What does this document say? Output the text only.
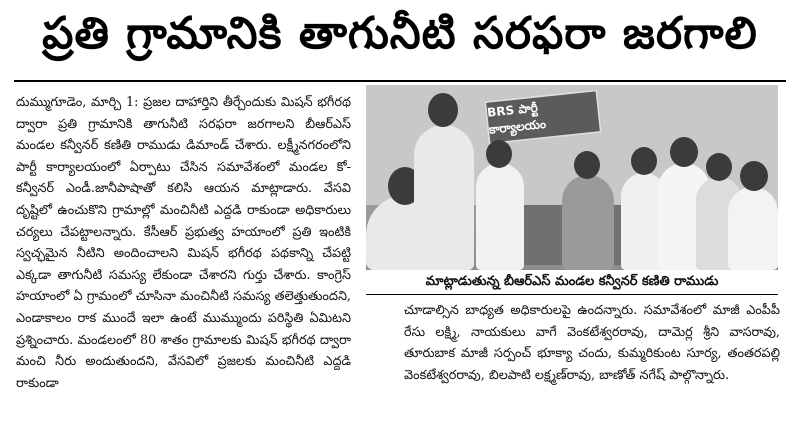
ప్రతి గ్రామానికి తాగునీటి సరఫరా జరగాలి

దుమ్ముగూడెం, మార్చి 1: ప్రజల దాహార్తిని తీర్చేందుకు మిషన్ భగీరథ ద్వారా ప్రతి గ్రామానికి తాగునీటి సరఫరా జరగాలని బీఆర్ఎస్ మండల కన్వీనర్ కణితి రాముడు డిమాండ్ చేశారు. లక్ష్మీనగరంలోని పార్టీ కార్యాలయంలో ఏర్పాటు చేసిన సమావేశంలో మండల కో-కన్వీనర్ ఎండీ.జానీపాషాతో కలిసి ఆయన మాట్లాడారు. వేసవి దృష్టిలో ఉంచుకొని గ్రామాల్లో మంచినీటి ఎద్దడి రాకుండా అధికారులు చర్యలు చేపట్టాలన్నారు. కేసీఆర్ ప్రభుత్వ హయాంలో ప్రతి ఇంటికి స్వచ్ఛమైన నీటిని అందించాలని మిషన్ భగీరథ పథకాన్ని చేపట్టి ఎక్కడా తాగునీటి సమస్య లేకుండా చేశారని గుర్తు చేశారు. కాంగ్రెస్ హయాంలో ఏ గ్రామంలో చూసినా మంచినీటి సమస్య తలెత్తుతుందని, ఎండాకాలం రాక ముందే ఇలా ఉంటే ముమ్ముందు పరిస్థితి ఏమిటని ప్రశ్నించారు. మండలంలో 80 శాతం గ్రామాలకు మిషన్ భగీరథ ద్వారా మంచి నీరు అందుతుందని, వేసవిలో ప్రజలకు మంచినీటి ఎద్దడి రాకుండా

BRS పార్టీ కార్యాలయం
మాట్లాడుతున్న బీఆర్ఎస్ మండల కన్వీనర్ కణితి రాముడు

చూడాల్సిన బాధ్యత అధికారులపై ఉందన్నారు. సమావేశంలో మాజీ ఎంపీపీ రేసు లక్ష్మి, నాయకులు వాగే వెంకటేశ్వరరావు, దామెర్ల శ్రీని వాసరావు, తూరుబాక మాజీ సర్పంచ్ భూక్యా చందు, కుమ్మరికుంట సూర్య, తంతరపల్లి వెంకటేశ్వరరావు, బిలపాటి లక్ష్మణ్‌రావు, బాణోత్ నగేష్ పాల్గొన్నారు.
